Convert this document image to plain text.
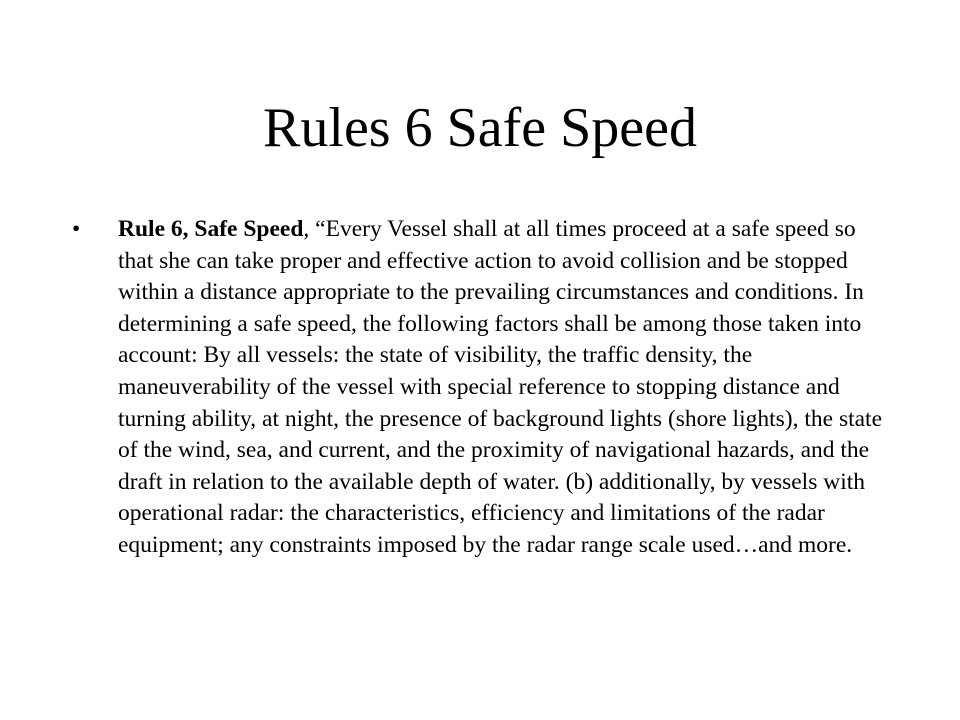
Rules 6 Safe Speed
• Rule 6, Safe Speed, “Every Vessel shall at all times proceed at a safe speed so that she can take proper and effective action to avoid collision and be stopped within a distance appropriate to the prevailing circumstances and conditions. In determining a safe speed, the following factors shall be among those taken into account: By all vessels: the state of visibility, the traffic density, the maneuverability of the vessel with special reference to stopping distance and turning ability, at night, the presence of background lights (shore lights), the state of the wind, sea, and current, and the proximity of navigational hazards, and the draft in relation to the available depth of water. (b) additionally, by vessels with operational radar: the characteristics, efficiency and limitations of the radar equipment; any constraints imposed by the radar range scale used…and more.
